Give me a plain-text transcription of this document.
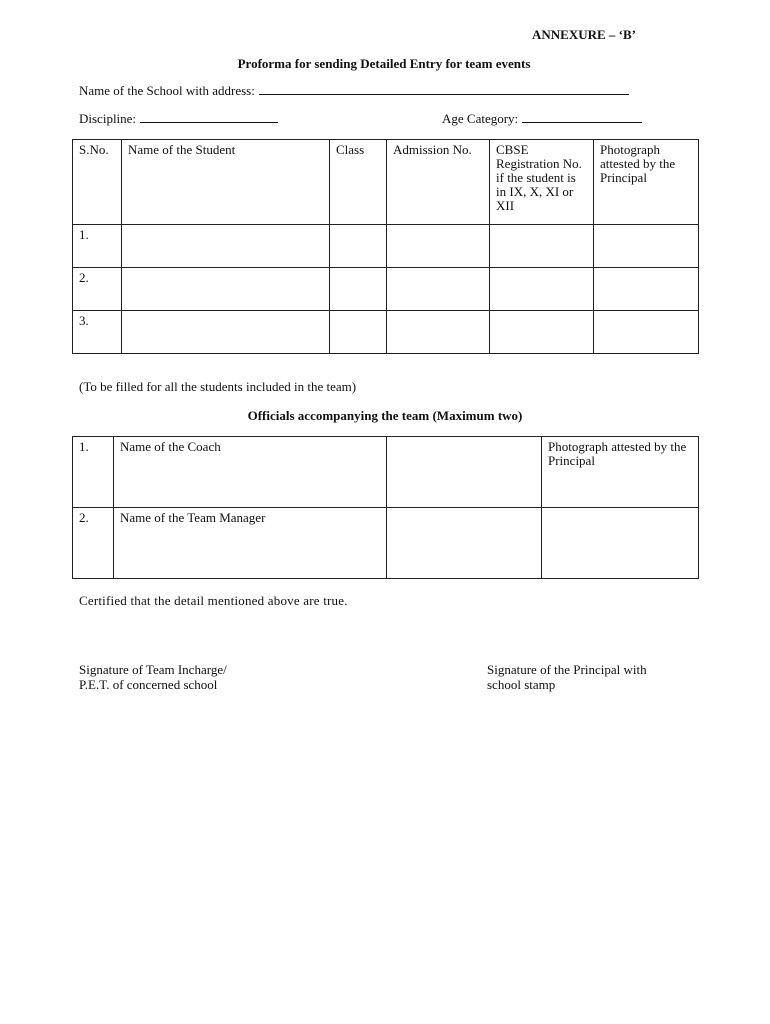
ANNEXURE – ‘B’
Proforma for sending Detailed Entry for team events
Name of the School with address:
Discipline:	Age Category:
S.No.	Name of the Student	Class	Admission No.	CBSE Registration No. if the student is in IX, X, XI or XII	Photograph attested by the Principal
1.					
2.					
3.					
(To be filled for all the students included in the team)
Officials accompanying the team (Maximum two)
1.	Name of the Coach		Photograph attested by the Principal
2.	Name of the Team Manager		
Certified that the detail mentioned above are true.
Signature of Team Incharge/
P.E.T. of concerned school
Signature of the Principal with
school stamp
